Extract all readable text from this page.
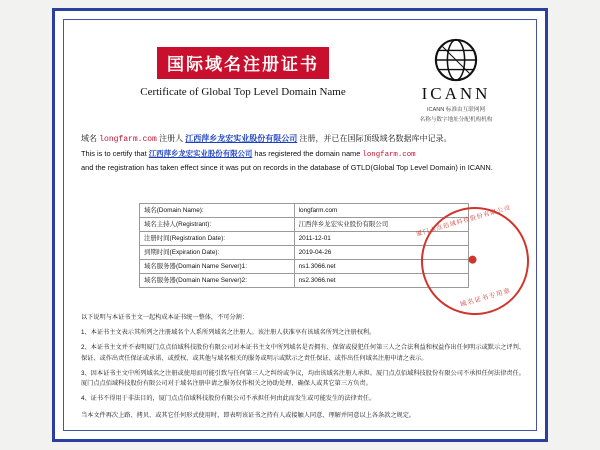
国际域名注册证书
Certificate of Global Top Level Domain Name	ICANN
ICANN 标准由互联网网
名称与数字地址分配机构机构
域名 longfarm.com 注册人 江西萍乡龙宏实业股份有限公司 注册，并已在国际顶级域名数据库中记录。
This is to certify that 江西萍乡龙宏实业股份有限公司 has registered the domain name longfarm.com
and the registration has taken effect since it was put on records in the database of GTLD(Global Top Level Domain) in ICANN.
域名(Domain Name):	longfarm.com
域名主持人(Registrant):	江西萍乡龙宏实业股份有限公司
注册时间(Registration Date):	2011-12-01
到期时间(Expiration Date):	2019-04-26
域名服务器(Domain Name Server)1:	ns1.3066.net
域名服务器(Domain Name Server)2:	ns2.3066.net
厦门点点佰域科技股份有限公司
域名证书专用章

以下说明与本证书主文一起构成本证书统一整体，不可分割：

1、本证书主文表示其所列之注册域名个人系所列域名之注册人。该注册人获准享有该域名所列之注册权利。

2、本证书主文并不表明厦门点点佰域科技股份有限公司对本证书主文中所列域名是否拥有、保留或侵犯任何第三人之合法利益和权益作出任何明示或默示之评判、保证、或作出责任保证或承诺、或授权、或其他与域名相关的服务或明示或默示之责任保证、或作出任何域名注册申请之表示。

3、因本证书主文中所列域名之注册或使用而可能引致与任何第三人之纠纷或争议，均由该域名注册人承担。厦门点点佰域科技股份有限公司不承担任何法律责任。厦门点点佰域科技股份有限公司对于域名注册申请之服务仅作相关之协助处理、确保人或其它第三方负责。

4、证书不得用于非法目的，厦门点点佰域科技股份有限公司不承担任何由此而发生或可能发生的法律责任。

当本文件再次上路、拷贝、或其它任何形式使用时，即表明该证书之持有人或接触人同意、理解并同意以上各条款之规定。
